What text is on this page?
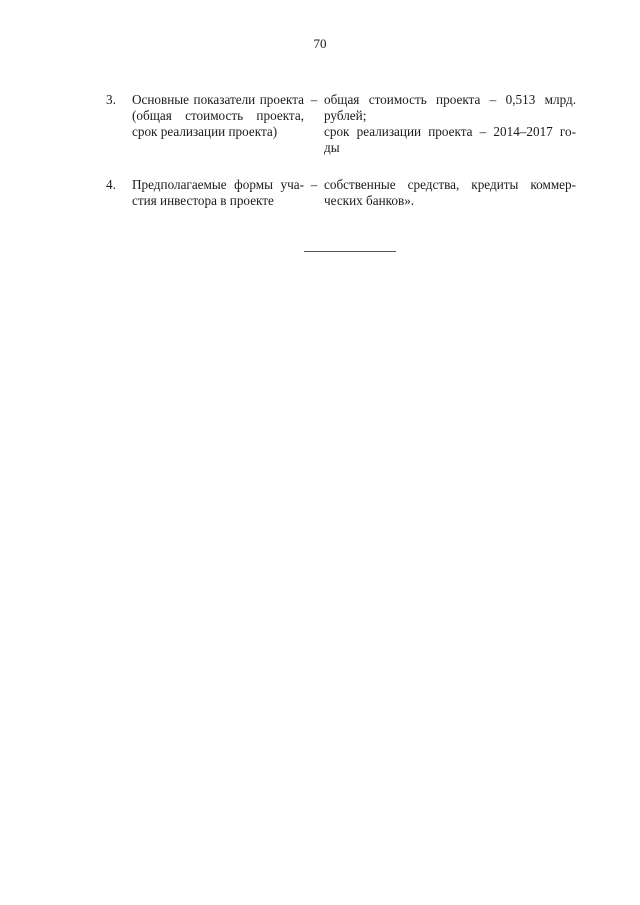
70
3.	Основные показатели проекта
(общая стоимость проекта,
срок реализации проекта)
– общая стоимость проекта – 0,513 млрд.
рублей;
срок реализации проекта – 2014–2017 го-
ды
4.	Предполагаемые формы уча-
стия инвестора в проекте
– собственные средства, кредиты коммер-
ческих банков».
